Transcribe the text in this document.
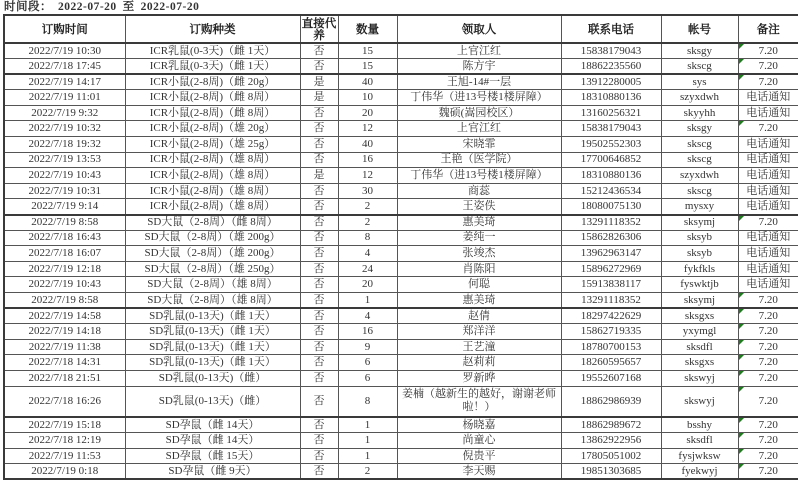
时间段： 2022-07-20 至 2022-07-20
订购时间	订购种类	直接代养	数量	领取人	联系电话	帐号	备注
2022/7/19 10:30	ICR乳鼠(0-3天)（雌 1天）	否	15	上官江红	15838179043	sksgy	7.20
2022/7/18 17:45	ICR乳鼠(0-3天)（雌 1天）	否	15	陈方宇	18862235560	skscg	7.20
2022/7/19 14:17	ICR小鼠(2-8周)（雌 20g）	是	40	王旭-14#一层	13912280005	sys	7.20
2022/7/19 11:01	ICR小鼠(2-8周)（雌 8周）	是	10	丁伟华（进13号楼1楼屏障）	18310880136	szyxdwh	电话通知
2022/7/19 9:32	ICR小鼠(2-8周)（雌 8周）	否	20	魏硕(嵩园校区）	13160256321	skyyhh	电话通知
2022/7/19 10:32	ICR小鼠(2-8周)（雄 20g）	否	12	上官江红	15838179043	sksgy	7.20
2022/7/18 19:32	ICR小鼠(2-8周)（雄 25g）	否	40	宋晓霏	19502552303	skscg	电话通知
2022/7/19 13:53	ICR小鼠(2-8周)（雄 8周）	否	16	王艳（医学院）	17700646852	skscg	电话通知
2022/7/19 10:43	ICR小鼠(2-8周)（雄 8周）	是	12	丁伟华（进13号楼1楼屏障）	18310880136	szyxdwh	电话通知
2022/7/19 10:31	ICR小鼠(2-8周)（雄 8周）	否	30	商蕊	15212436534	skscg	电话通知
2022/7/19 9:14	ICR小鼠(2-8周)（雄 8周）	否	2	王姿佚	18080075130	mysxy	电话通知
2022/7/19 8:58	SD大鼠（2-8周）（雌 8周）	否	2	惠美琦	13291118352	sksymj	7.20
2022/7/18 16:43	SD大鼠（2-8周）（雄 200g）	否	8	姜纯一	15862826306	sksyb	电话通知
2022/7/18 16:07	SD大鼠（2-8周）（雄 200g）	否	4	张竣杰	13962963147	sksyb	电话通知
2022/7/19 12:18	SD大鼠（2-8周）（雄 250g）	否	24	肖陈阳	15896272969	fykfkls	电话通知
2022/7/19 10:43	SD大鼠（2-8周）（雄 8周）	否	20	何聪	15913838117	fyswktjb	电话通知
2022/7/19 8:58	SD大鼠（2-8周）（雄 8周）	否	1	惠美琦	13291118352	sksymj	7.20
2022/7/19 14:58	SD乳鼠(0-13天)（雌 1天）	否	4	赵倩	18297422629	sksgxs	7.20
2022/7/19 14:18	SD乳鼠(0-13天)（雌 1天）	否	16	郑洋洋	15862719335	yxymgl	7.20
2022/7/19 11:38	SD乳鼠(0-13天)（雌 1天）	否	9	王艺潼	18780700153	sksdfl	7.20
2022/7/18 14:31	SD乳鼠(0-13天)（雌 1天）	否	6	赵莉莉	18260595657	sksgxs	7.20
2022/7/18 21:51	SD乳鼠(0-13天)（雌）	否	6	罗新晔	19552607168	skswyj	7.20
2022/7/18 16:26	SD乳鼠(0-13天)（雌）	否	8	姜楠（越新生的越好，谢谢老师啦！）	18862986939	skswyj	7.20
2022/7/19 15:18	SD孕鼠（雌 14天）	否	1	杨晓嘉	18862989672	bsshy	7.20
2022/7/18 12:19	SD孕鼠（雌 14天）	否	1	尚童心	13862922956	sksdfl	7.20
2022/7/19 11:53	SD孕鼠（雌 15天）	否	1	倪贵平	17805051002	fysjwksw	7.20
2022/7/19 0:18	SD孕鼠（雌 9天）	否	2	李天赐	19851303685	fyekwyj	7.20
